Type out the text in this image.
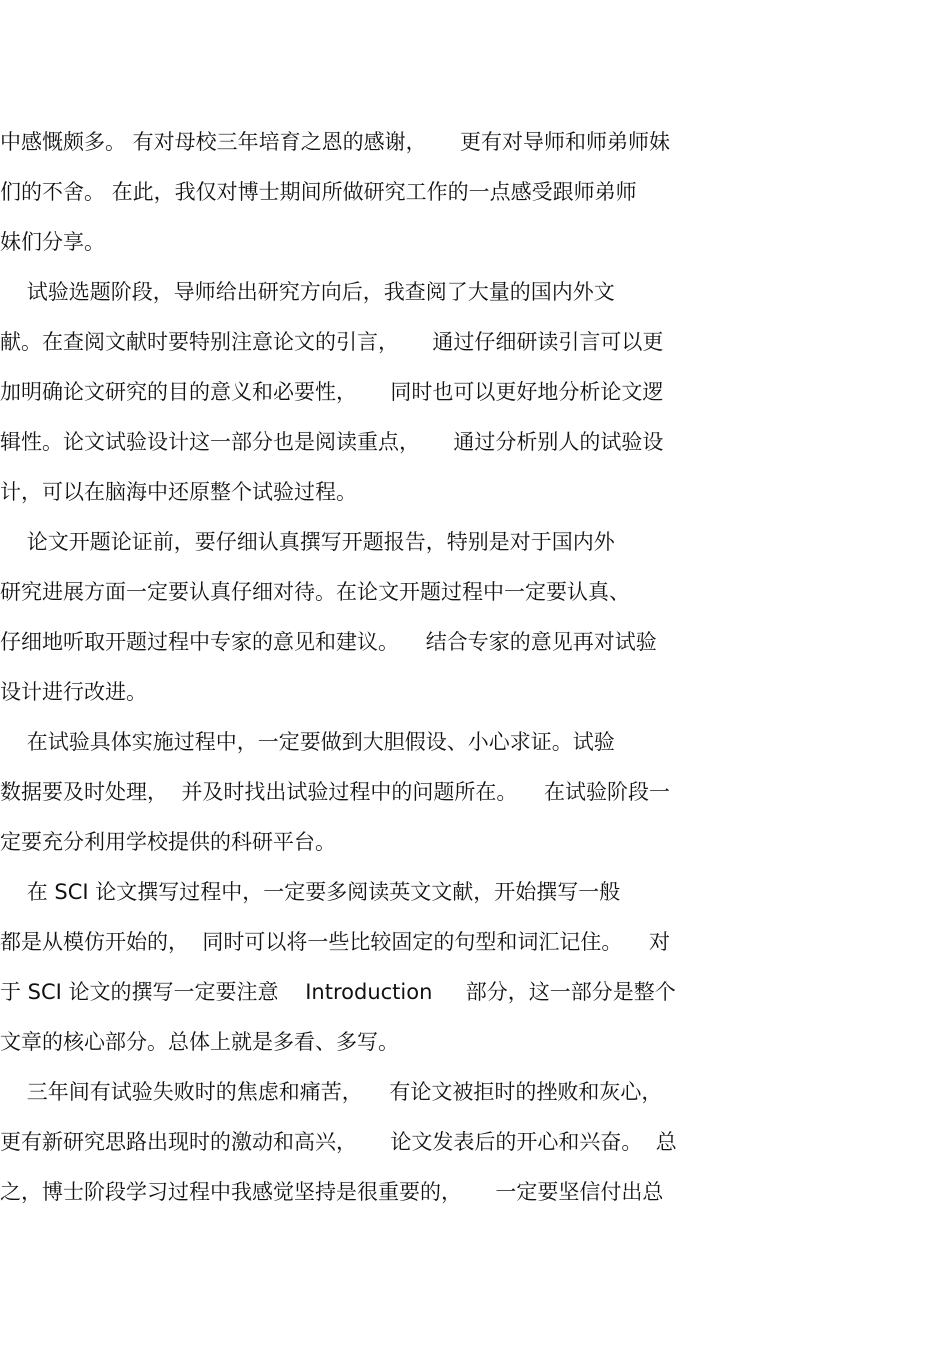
中感慨颇多。 有对母校三年培育之恩的感谢，     更有对导师和师弟师妹
们的不舍。 在此，我仅对博士期间所做研究工作的一点感受跟师弟师
妹们分享。
试验选题阶段，导师给出研究方向后，我查阅了大量的国内外文
献。在查阅文献时要特别注意论文的引言，     通过仔细研读引言可以更
加明确论文研究的目的意义和必要性，     同时也可以更好地分析论文逻
辑性。论文试验设计这一部分也是阅读重点，     通过分析别人的试验设
计，可以在脑海中还原整个试验过程。
论文开题论证前，要仔细认真撰写开题报告，特别是对于国内外
研究进展方面一定要认真仔细对待。在论文开题过程中一定要认真、
仔细地听取开题过程中专家的意见和建议。    结合专家的意见再对试验
设计进行改进。
在试验具体实施过程中，一定要做到大胆假设、小心求证。试验
数据要及时处理，  并及时找出试验过程中的问题所在。    在试验阶段一
定要充分利用学校提供的科研平台。
在 SCI 论文撰写过程中，一定要多阅读英文文献，开始撰写一般
都是从模仿开始的，  同时可以将一些比较固定的句型和词汇记住。    对
于 SCI 论文的撰写一定要注意    Introduction     部分，这一部分是整个
文章的核心部分。总体上就是多看、多写。
三年间有试验失败时的焦虑和痛苦，    有论文被拒时的挫败和灰心，
更有新研究思路出现时的激动和高兴，     论文发表后的开心和兴奋。  总
之，博士阶段学习过程中我感觉坚持是很重要的，     一定要坚信付出总
